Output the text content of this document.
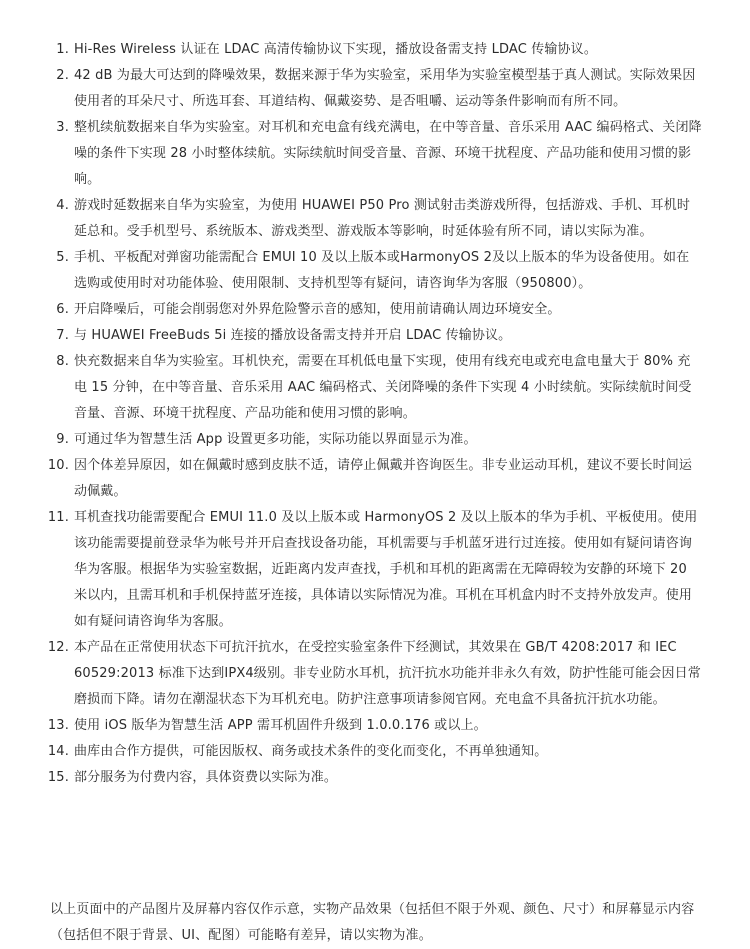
1. Hi-Res Wireless 认证在 LDAC 高清传输协议下实现，播放设备需支持 LDAC 传输协议。
2. 42 dB 为最大可达到的降噪效果，数据来源于华为实验室，采用华为实验室模型基于真人测试。实际效果因使用者的耳朵尺寸、所选耳套、耳道结构、佩戴姿势、是否咀嚼、运动等条件影响而有所不同。
3. 整机续航数据来自华为实验室。对耳机和充电盒有线充满电，在中等音量、音乐采用 AAC 编码格式、关闭降噪的条件下实现 28 小时整体续航。实际续航时间受音量、音源、环境干扰程度、产品功能和使用习惯的影响。
4. 游戏时延数据来自华为实验室，为使用 HUAWEI P50 Pro 测试射击类游戏所得，包括游戏、手机、耳机时延总和。受手机型号、系统版本、游戏类型、游戏版本等影响，时延体验有所不同，请以实际为准。
5. 手机、平板配对弹窗功能需配合 EMUI 10 及以上版本或HarmonyOS 2及以上版本的华为设备使用。如在选购或使用时对功能体验、使用限制、支持机型等有疑问，请咨询华为客服（950800）。
6. 开启降噪后，可能会削弱您对外界危险警示音的感知，使用前请确认周边环境安全。
7. 与 HUAWEI FreeBuds 5i 连接的播放设备需支持并开启 LDAC 传输协议。
8. 快充数据来自华为实验室。耳机快充，需要在耳机低电量下实现，使用有线充电或充电盒电量大于 80% 充电 15 分钟，在中等音量、音乐采用 AAC 编码格式、关闭降噪的条件下实现 4 小时续航。实际续航时间受音量、音源、环境干扰程度、产品功能和使用习惯的影响。
9. 可通过华为智慧生活 App 设置更多功能，实际功能以界面显示为准。
10. 因个体差异原因，如在佩戴时感到皮肤不适，请停止佩戴并咨询医生。非专业运动耳机，建议不要长时间运动佩戴。
11. 耳机查找功能需要配合 EMUI 11.0 及以上版本或 HarmonyOS 2 及以上版本的华为手机、平板使用。使用该功能需要提前登录华为帐号并开启查找设备功能，耳机需要与手机蓝牙进行过连接。使用如有疑问请咨询华为客服。根据华为实验室数据，近距离内发声查找，手机和耳机的距离需在无障碍较为安静的环境下 20 米以内，且需耳机和手机保持蓝牙连接，具体请以实际情况为准。耳机在耳机盒内时不支持外放发声。使用如有疑问请咨询华为客服。
12. 本产品在正常使用状态下可抗汗抗水，在受控实验室条件下经测试，其效果在 GB/T 4208:2017 和 IEC 60529:2013 标准下达到IPX4级别。非专业防水耳机，抗汗抗水功能并非永久有效，防护性能可能会因日常磨损而下降。请勿在潮湿状态下为耳机充电。防护注意事项请参阅官网。充电盒不具备抗汗抗水功能。
13. 使用 iOS 版华为智慧生活 APP 需耳机固件升级到 1.0.0.176 或以上。
14. 曲库由合作方提供，可能因版权、商务或技术条件的变化而变化，不再单独通知。
15. 部分服务为付费内容，具体资费以实际为准。

以上页面中的产品图片及屏幕内容仅作示意，实物产品效果（包括但不限于外观、颜色、尺寸）和屏幕显示内容（包括但不限于背景、UI、配图）可能略有差异，请以实物为准。
